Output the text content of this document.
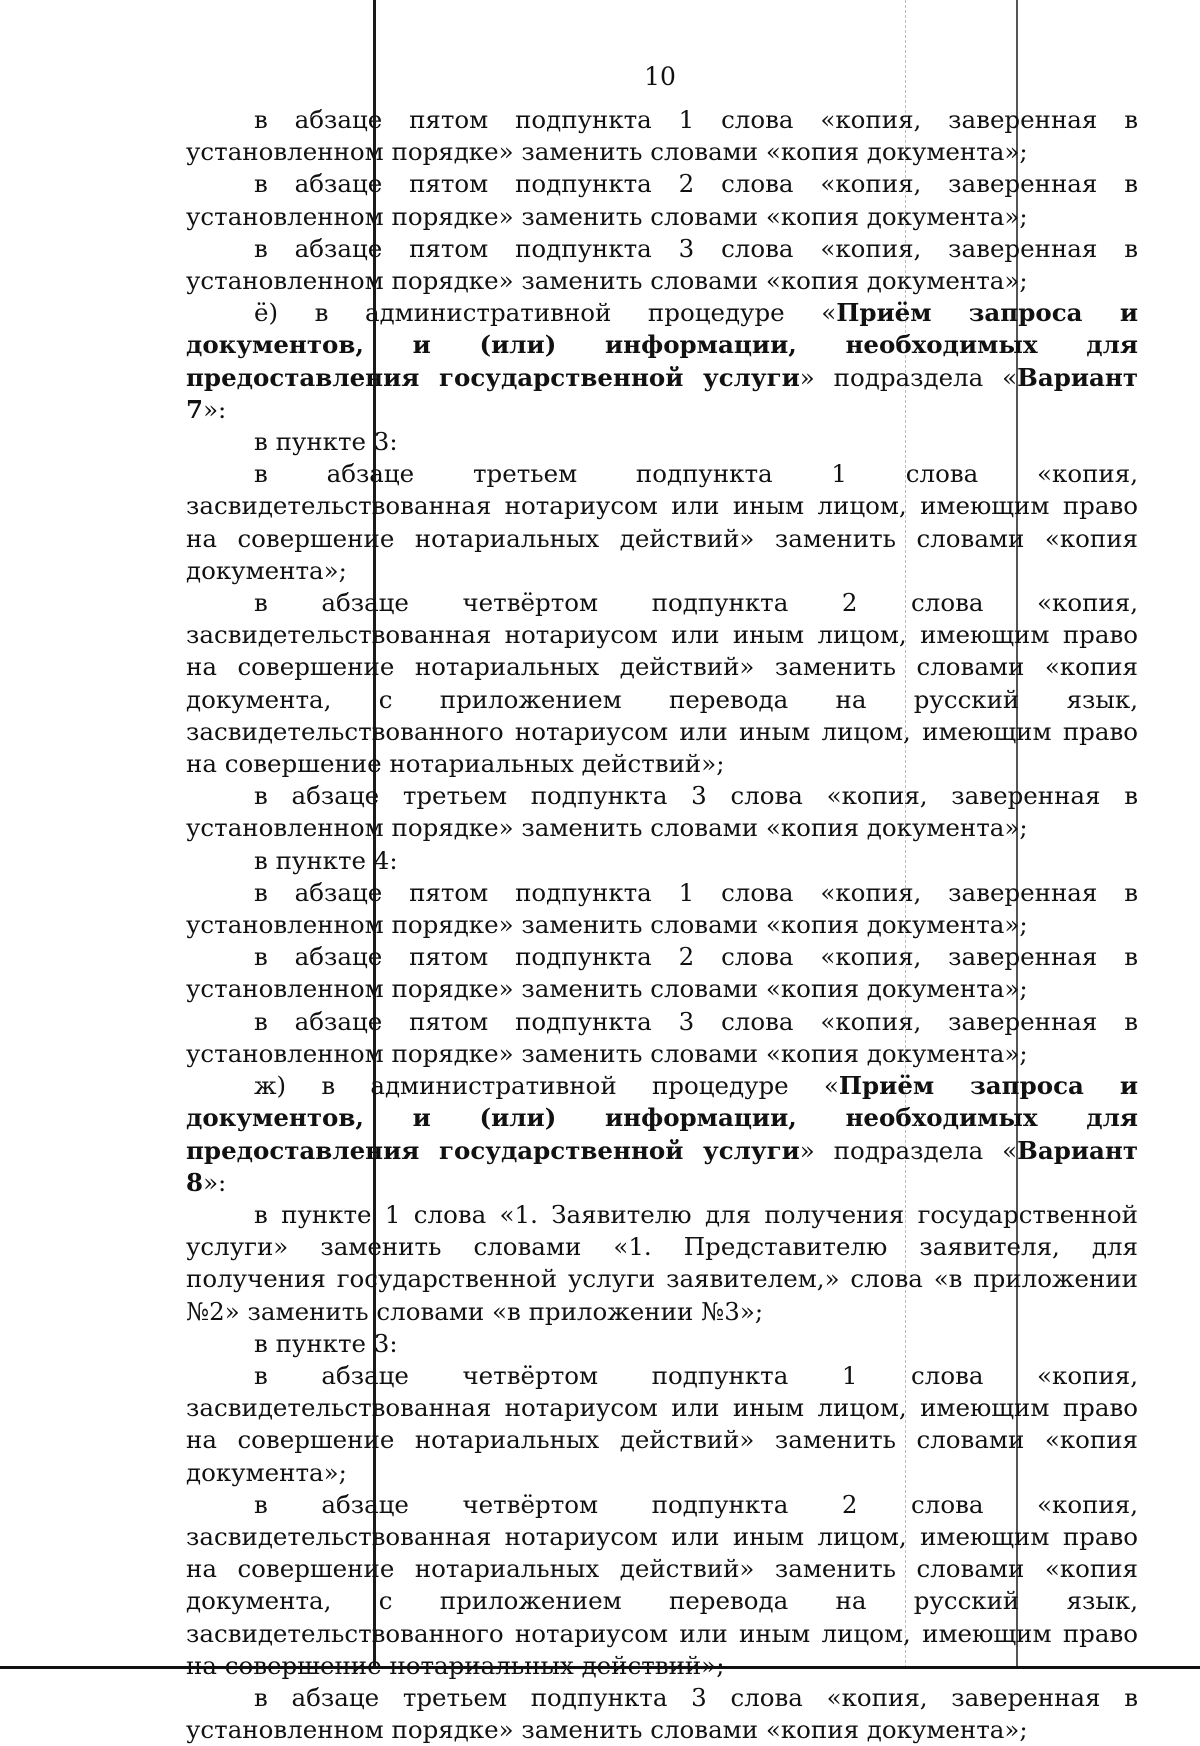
10

в абзаце пятом подпункта 1 слова «копия, заверенная в установленном порядке» заменить словами «копия документа»;

в абзаце пятом подпункта 2 слова «копия, заверенная в установленном порядке» заменить словами «копия документа»;

в абзаце пятом подпункта 3 слова «копия, заверенная в установленном порядке» заменить словами «копия документа»;

ё) в административной процедуре «Приём запроса и документов, и (или) информации, необходимых для предоставления государственной услуги» подраздела «Вариант 7»:

в пункте 3:

в абзаце третьем подпункта 1 слова «копия, засвидетельствованная нотариусом или иным лицом, имеющим право на совершение нотариальных действий» заменить словами «копия документа»;

в абзаце четвёртом подпункта 2 слова «копия, засвидетельствованная нотариусом или иным лицом, имеющим право на совершение нотариальных действий» заменить словами «копия документа, с приложением перевода на русский язык, засвидетельствованного нотариусом или иным лицом, имеющим право на совершение нотариальных действий»;

в абзаце третьем подпункта 3 слова «копия, заверенная в установленном порядке» заменить словами «копия документа»;

в пункте 4:

в абзаце пятом подпункта 1 слова «копия, заверенная в установленном порядке» заменить словами «копия документа»;

в абзаце пятом подпункта 2 слова «копия, заверенная в установленном порядке» заменить словами «копия документа»;

в абзаце пятом подпункта 3 слова «копия, заверенная в установленном порядке» заменить словами «копия документа»;

ж) в административной процедуре «Приём запроса и документов, и (или) информации, необходимых для предоставления государственной услуги» подраздела «Вариант 8»:

в пункте 1 слова «1. Заявителю для получения государственной услуги» заменить словами «1. Представителю заявителя, для получения государственной услуги заявителем,» слова «в приложении №2» заменить словами «в приложении №3»;

в пункте 3:

в абзаце четвёртом подпункта 1 слова «копия, засвидетельствованная нотариусом или иным лицом, имеющим право на совершение нотариальных действий» заменить словами «копия документа»;

в абзаце четвёртом подпункта 2 слова «копия, засвидетельствованная нотариусом или иным лицом, имеющим право на совершение нотариальных действий» заменить словами «копия документа, с приложением перевода на русский язык, засвидетельствованного нотариусом или иным лицом, имеющим право на совершение нотариальных действий»;

в абзаце третьем подпункта 3 слова «копия, заверенная в установленном порядке» заменить словами «копия документа»;
